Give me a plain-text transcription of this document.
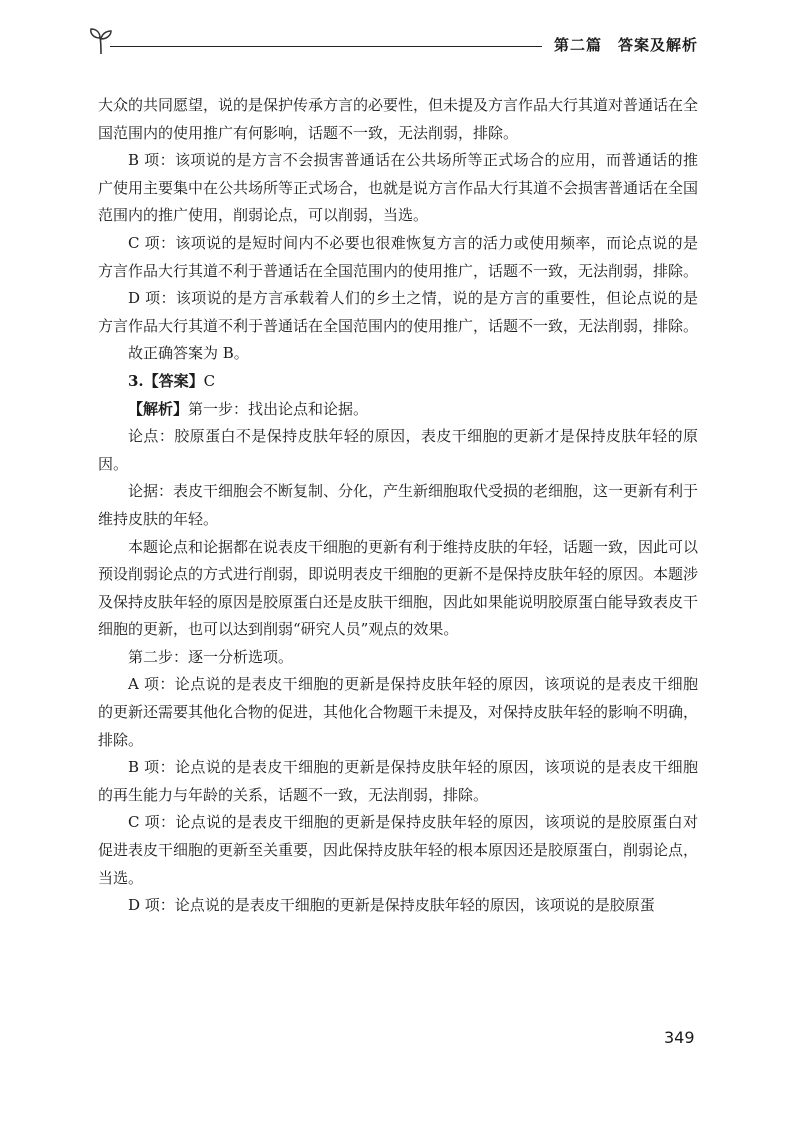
第二篇　答案及解析

大众的共同愿望，说的是保护传承方言的必要性，但未提及方言作品大行其道对普通话在全国范围内的使用推广有何影响，话题不一致，无法削弱，排除。

B 项：该项说的是方言不会损害普通话在公共场所等正式场合的应用，而普通话的推广使用主要集中在公共场所等正式场合，也就是说方言作品大行其道不会损害普通话在全国范围内的推广使用，削弱论点，可以削弱，当选。

C 项：该项说的是短时间内不必要也很难恢复方言的活力或使用频率，而论点说的是方言作品大行其道不利于普通话在全国范围内的使用推广，话题不一致，无法削弱，排除。

D 项：该项说的是方言承载着人们的乡土之情，说的是方言的重要性，但论点说的是方言作品大行其道不利于普通话在全国范围内的使用推广，话题不一致，无法削弱，排除。

故正确答案为 B。

3.【答案】C

【解析】第一步：找出论点和论据。

论点：胶原蛋白不是保持皮肤年轻的原因，表皮干细胞的更新才是保持皮肤年轻的原因。

论据：表皮干细胞会不断复制、分化，产生新细胞取代受损的老细胞，这一更新有利于维持皮肤的年轻。

本题论点和论据都在说表皮干细胞的更新有利于维持皮肤的年轻，话题一致，因此可以预设削弱论点的方式进行削弱，即说明表皮干细胞的更新不是保持皮肤年轻的原因。本题涉及保持皮肤年轻的原因是胶原蛋白还是皮肤干细胞，因此如果能说明胶原蛋白能导致表皮干细胞的更新，也可以达到削弱“研究人员”观点的效果。

第二步：逐一分析选项。

A 项：论点说的是表皮干细胞的更新是保持皮肤年轻的原因，该项说的是表皮干细胞的更新还需要其他化合物的促进，其他化合物题干未提及，对保持皮肤年轻的影响不明确，排除。

B 项：论点说的是表皮干细胞的更新是保持皮肤年轻的原因，该项说的是表皮干细胞的再生能力与年龄的关系，话题不一致，无法削弱，排除。

C 项：论点说的是表皮干细胞的更新是保持皮肤年轻的原因，该项说的是胶原蛋白对促进表皮干细胞的更新至关重要，因此保持皮肤年轻的根本原因还是胶原蛋白，削弱论点，当选。

D 项：论点说的是表皮干细胞的更新是保持皮肤年轻的原因，该项说的是胶原蛋

349
